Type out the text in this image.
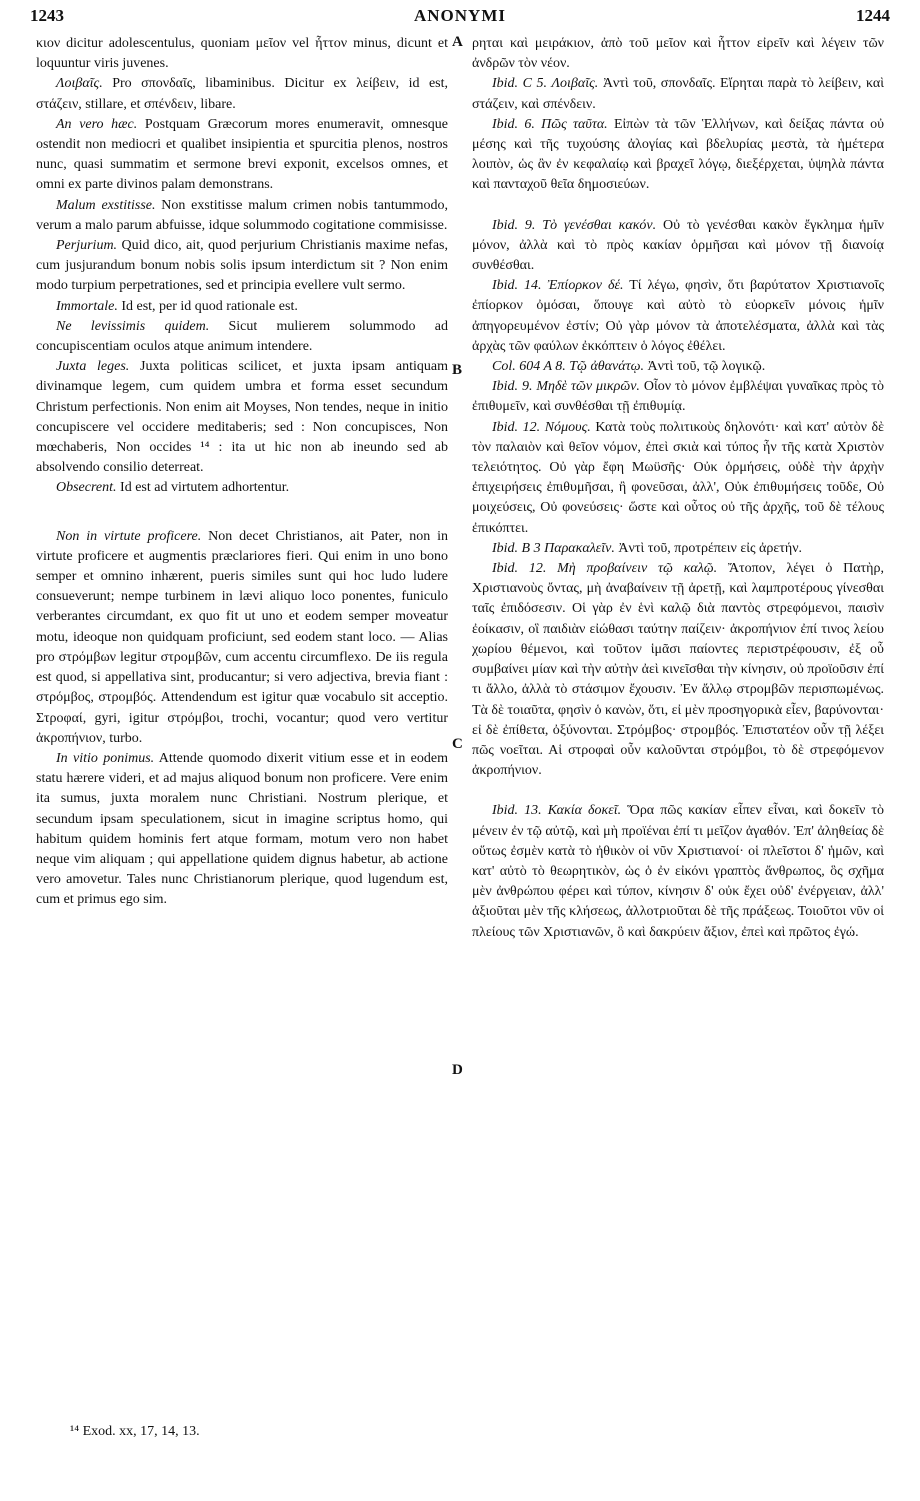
1243	ANONYMI	1244
A
B
C
D

κιον dicitur adolescentulus, quoniam μεῖον vel ἧττον minus, dicunt et loquuntur viris juvenes.

Λοιβαῖς. Pro σπονδαῖς, libaminibus. Dicitur ex λείβειν, id est, στάζειν, stillare, et σπένδειν, libare.

An vero hæc. Postquam Græcorum mores enumeravit, omnesque ostendit non mediocri et qualibet insipientia et spurcitia plenos, nostros nunc, quasi summatim et sermone brevi exponit, excelsos omnes, et omni ex parte divinos palam demonstrans.

Malum exstitisse. Non exstitisse malum crimen nobis tantummodo, verum a malo parum abfuisse, idque solummodo cogitatione commisisse.

Perjurium. Quid dico, ait, quod perjurium Christianis maxime nefas, cum jusjurandum bonum nobis solis ipsum interdictum sit ? Non enim modo turpium perpetrationes, sed et principia evellere vult sermo.

Immortale. Id est, per id quod rationale est.

Ne levissimis quidem. Sicut mulierem solummodo ad concupiscentiam oculos atque animum intendere.

Juxta leges. Juxta politicas scilicet, et juxta ipsam antiquam divinamque legem, cum quidem umbra et forma esset secundum Christum perfectionis. Non enim ait Moyses, Non tendes, neque in initio concupiscere vel occidere meditaberis; sed : Non concupisces, Non mœchaberis, Non occides ¹⁴ : ita ut hic non ab ineundo sed ab absolvendo consilio deterreat.

Obsecrent. Id est ad virtutem adhortentur.

Non in virtute proficere. Non decet Christianos, ait Pater, non in virtute proficere et augmentis præclariores fieri. Qui enim in uno bono semper et omnino inhærent, pueris similes sunt qui hoc ludo ludere consueverunt; nempe turbinem in lævi aliquo loco ponentes, funiculo verberantes circumdant, ex quo fit ut uno et eodem semper moveatur motu, ideoque non quidquam proficiunt, sed eodem stant loco. — Alias pro στρόμβων legitur στρομβῶν, cum accentu circumflexo. De iis regula est quod, si appellativa sint, producantur; si vero adjectiva, brevia fiant : στρόμβος, στρομβός. Attendendum est igitur quæ vocabulo sit acceptio. Στροφαί, gyri, igitur στρόμβοι, trochi, vocantur; quod vero vertitur ἀκροπήνιον, turbo.

In vitio ponimus. Attende quomodo dixerit vitium esse et in eodem statu hærere videri, et ad majus aliquod bonum non proficere. Vere enim ita sumus, juxta moralem nunc Christiani. Nostrum plerique, et secundum ipsam speculationem, sicut in imagine scriptus homo, qui habitum quidem hominis fert atque formam, motum vero non habet neque vim aliquam ; qui appellatione quidem dignus habetur, ab actione vero amovetur. Tales nunc Christianorum plerique, quod lugendum est, cum et primus ego sim.

ρηται καὶ μειράκιον, ἀπὸ τοῦ μεῖον καὶ ἧττον εἰρεῖν καὶ λέγειν τῶν ἀνδρῶν τὸν νέον.

Ibid. C 5. Λοιβαῖς. Ἀντὶ τοῦ, σπονδαῖς. Εἴρηται παρὰ τὸ λείβειν, καὶ στάζειν, καὶ σπένδειν.

Ibid. 6. Πῶς ταῦτα. Εἰπὼν τὰ τῶν Ἑλλήνων, καὶ δείξας πάντα οὐ μέσης καὶ τῆς τυχούσης ἀλογίας καὶ βδελυρίας μεστὰ, τὰ ἡμέτερα λοιπὸν, ὡς ἂν ἐν κεφαλαίῳ καὶ βραχεῖ λόγῳ, διεξέρχεται, ὑψηλὰ πάντα καὶ πανταχοῦ θεῖα δημοσιεύων.

Ibid. 9. Τὸ γενέσθαι κακόν. Οὐ τὸ γενέσθαι κακὸν ἔγκλημα ἡμῖν μόνον, ἀλλὰ καὶ τὸ πρὸς κακίαν ὁρμῆσαι καὶ μόνον τῇ διανοίᾳ συνθέσθαι.

Ibid. 14. Ἐπίορκον δέ. Τί λέγω, φησὶν, ὅτι βαρύτατον Χριστιανοῖς ἐπίορκον ὀμόσαι, ὅπουγε καὶ αὐτὸ τὸ εὐορκεῖν μόνοις ἡμῖν ἀπηγορευμένον ἐστίν; Οὐ γὰρ μόνον τὰ ἀποτελέσματα, ἀλλὰ καὶ τὰς ἀρχὰς τῶν φαύλων ἐκκόπτειν ὁ λόγος ἐθέλει.

Col. 604 A 8. Τῷ ἀθανάτῳ. Ἀντὶ τοῦ, τῷ λογικῷ.

Ibid. 9. Μηδὲ τῶν μικρῶν. Οἷον τὸ μόνον ἐμβλέψαι γυναῖκας πρὸς τὸ ἐπιθυμεῖν, καὶ συνθέσθαι τῇ ἐπιθυμίᾳ.

Ibid. 12. Νόμους. Κατὰ τοὺς πολιτικοὺς δηλονότι· καὶ κατ' αὐτὸν δὲ τὸν παλαιὸν καὶ θεῖον νόμον, ἐπεὶ σκιὰ καὶ τύπος ἦν τῆς κατὰ Χριστὸν τελειότητος. Οὐ γὰρ ἔφη Μωϋσῆς· Οὐκ ὁρμήσεις, οὐδὲ τὴν ἀρχὴν ἐπιχειρήσεις ἐπιθυμῆσαι, ἢ φονεῦσαι, ἀλλ', Οὐκ ἐπιθυμήσεις τοῦδε, Οὐ μοιχεύσεις, Οὐ φονεύσεις· ὥστε καὶ οὗτος οὐ τῆς ἀρχῆς, τοῦ δὲ τέλους ἐπικόπτει.

Ibid. B 3 Παρακαλεῖν. Ἀντὶ τοῦ, προτρέπειν εἰς ἀρετήν.

Ibid. 12. Μὴ προβαίνειν τῷ καλῷ. Ἄτοπον, λέγει ὁ Πατὴρ, Χριστιανοὺς ὄντας, μὴ ἀναβαίνειν τῇ ἀρετῇ, καὶ λαμπροτέρους γίνεσθαι ταῖς ἐπιδόσεσιν. Οἱ γὰρ ἐν ἑνὶ καλῷ διὰ παντὸς στρεφόμενοι, παισὶν ἐοίκασιν, οἳ παιδιὰν εἰώθασι ταύτην παίζειν· ἀκροπήνιον ἐπί τινος λείου χωρίου θέμενοι, καὶ τοῦτον ἱμᾶσι παίοντες περιστρέφουσιν, ἐξ οὗ συμβαίνει μίαν καὶ τὴν αὐτὴν ἀεὶ κινεῖσθαι τὴν κίνησιν, οὐ προϊοῦσιν ἐπί τι ἄλλο, ἀλλὰ τὸ στάσιμον ἔχουσιν. Ἐν ἄλλῳ στρομβῶν περισπωμένως. Τὰ δὲ τοιαῦτα, φησὶν ὁ κανὼν, ὅτι, εἰ μὲν προσηγορικὰ εἶεν, βαρύνονται· εἰ δὲ ἐπίθετα, ὀξύνονται. Στρόμβος· στρομβός. Ἐπιστατέον οὖν τῇ λέξει πῶς νοεῖται. Αἱ στροφαὶ οὖν καλοῦνται στρόμβοι, τὸ δὲ στρεφόμενον ἀκροπήνιον.

Ibid. 13. Κακία δοκεῖ. Ὅρα πῶς κακίαν εἶπεν εἶναι, καὶ δοκεῖν τὸ μένειν ἐν τῷ αὐτῷ, καὶ μὴ προϊέναι ἐπί τι μεῖζον ἀγαθόν. Ἐπ' ἀληθείας δὲ οὕτως ἐσμὲν κατὰ τὸ ἠθικὸν οἱ νῦν Χριστιανοί· οἱ πλεῖστοι δ' ἡμῶν, καὶ κατ' αὐτὸ τὸ θεωρητικὸν, ὡς ὁ ἐν εἰκόνι γραπτὸς ἄνθρωπος, ὃς σχῆμα μὲν ἀνθρώπου φέρει καὶ τύπον, κίνησιν δ' οὐκ ἔχει οὐδ' ἐνέργειαν, ἀλλ' ἀξιοῦται μὲν τῆς κλήσεως, ἀλλοτριοῦται δὲ τῆς πράξεως. Τοιοῦτοι νῦν οἱ πλείους τῶν Χριστιανῶν, ὃ καὶ δακρύειν ἄξιον, ἐπεὶ καὶ πρῶτος ἐγώ.

¹⁴ Exod. xx, 17, 14, 13.
